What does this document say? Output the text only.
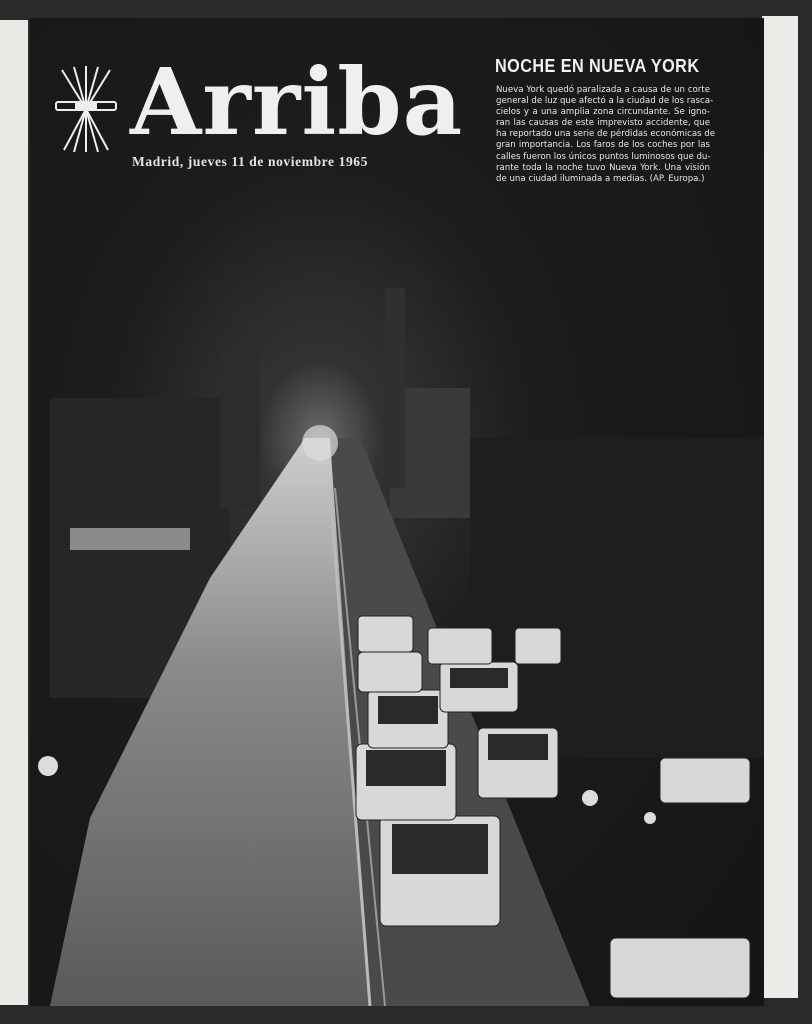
Arriba
Madrid, jueves 11 de noviembre 1965
NOCHE EN NUEVA YORK
Nueva York quedó paralizada a causa de un corte
general de luz que afectó a la ciudad de los rasca-
cielos y a una amplia zona circundante. Se igno-
ran las causas de este imprevisto accidente, que
ha reportado una serie de pérdidas económicas de
gran importancia. Los faros de los coches por las
calles fueron los únicos puntos luminosos que du-
rante toda la noche tuvo Nueva York. Una visión
de una ciudad iluminada a medias. (AP. Europa.)
